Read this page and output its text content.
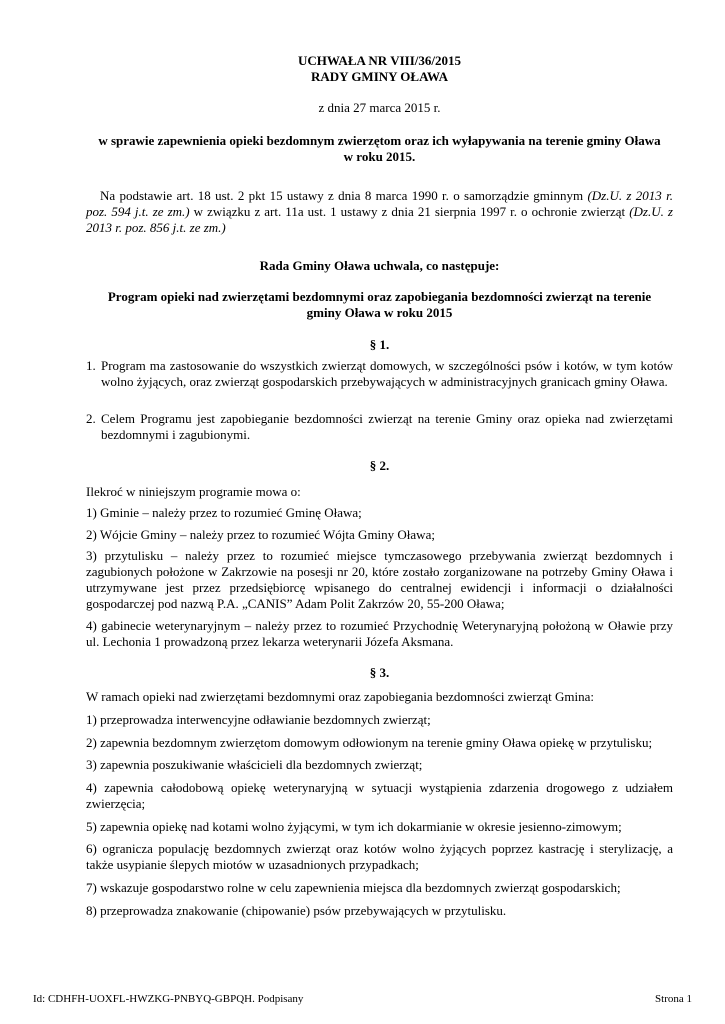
UCHWAŁA NR VIII/36/2015
RADY GMINY OŁAWA
z dnia 27 marca 2015 r.
w sprawie zapewnienia opieki bezdomnym zwierzętom oraz ich wyłapywania na terenie gminy Oława
w roku 2015.
Na podstawie art. 18 ust. 2 pkt 15 ustawy z dnia 8 marca 1990 r. o samorządzie gminnym (Dz.U. z 2013 r. poz. 594 j.t. ze zm.) w związku z art. 11a ust. 1 ustawy z dnia 21 sierpnia 1997 r. o ochronie zwierząt (Dz.U. z 2013 r. poz. 856 j.t. ze zm.)
Rada Gminy Oława uchwala, co następuje:
Program opieki nad zwierzętami bezdomnymi oraz zapobiegania bezdomności zwierząt na terenie
gminy Oława w roku 2015
§ 1.
1. Program ma zastosowanie do wszystkich zwierząt domowych, w szczególności psów i kotów, w tym kotów wolno żyjących, oraz zwierząt gospodarskich przebywających w administracyjnych granicach gminy Oława.
2. Celem Programu jest zapobieganie bezdomności zwierząt na terenie Gminy oraz opieka nad zwierzętami bezdomnymi i zagubionymi.
§ 2.
Ilekroć w niniejszym programie mowa o:
1) Gminie – należy przez to rozumieć Gminę Oława;
2) Wójcie Gminy – należy przez to rozumieć Wójta Gminy Oława;
3) przytulisku – należy przez to rozumieć miejsce tymczasowego przebywania zwierząt bezdomnych i zagubionych położone w Zakrzowie na posesji nr 20, które zostało zorganizowane na potrzeby Gminy Oława i utrzymywane jest przez przedsiębiorcę wpisanego do centralnej ewidencji i informacji o działalności gospodarczej pod nazwą P.A. „CANIS” Adam Polit Zakrzów 20, 55-200 Oława;
4) gabinecie weterynaryjnym – należy przez to rozumieć Przychodnię Weterynaryjną położoną w Oławie przy ul. Lechonia 1 prowadzoną przez lekarza weterynarii Józefa Aksmana.
§ 3.
W ramach opieki nad zwierzętami bezdomnymi oraz zapobiegania bezdomności zwierząt Gmina:
1) przeprowadza interwencyjne odławianie bezdomnych zwierząt;
2) zapewnia bezdomnym zwierzętom domowym odłowionym na terenie gminy Oława opiekę w przytulisku;
3) zapewnia poszukiwanie właścicieli dla bezdomnych zwierząt;
4) zapewnia całodobową opiekę weterynaryjną w sytuacji wystąpienia zdarzenia drogowego z udziałem zwierzęcia;
5) zapewnia opiekę nad kotami wolno żyjącymi, w tym ich dokarmianie w okresie jesienno-zimowym;
6) ogranicza populację bezdomnych zwierząt oraz kotów wolno żyjących poprzez kastrację i sterylizację, a także usypianie ślepych miotów w uzasadnionych przypadkach;
7) wskazuje gospodarstwo rolne w celu zapewnienia miejsca dla bezdomnych zwierząt gospodarskich;
8) przeprowadza znakowanie (chipowanie) psów przebywających w przytulisku.
Id: CDHFH-UOXFL-HWZKG-PNBYQ-GBPQH. Podpisany	Strona 1
